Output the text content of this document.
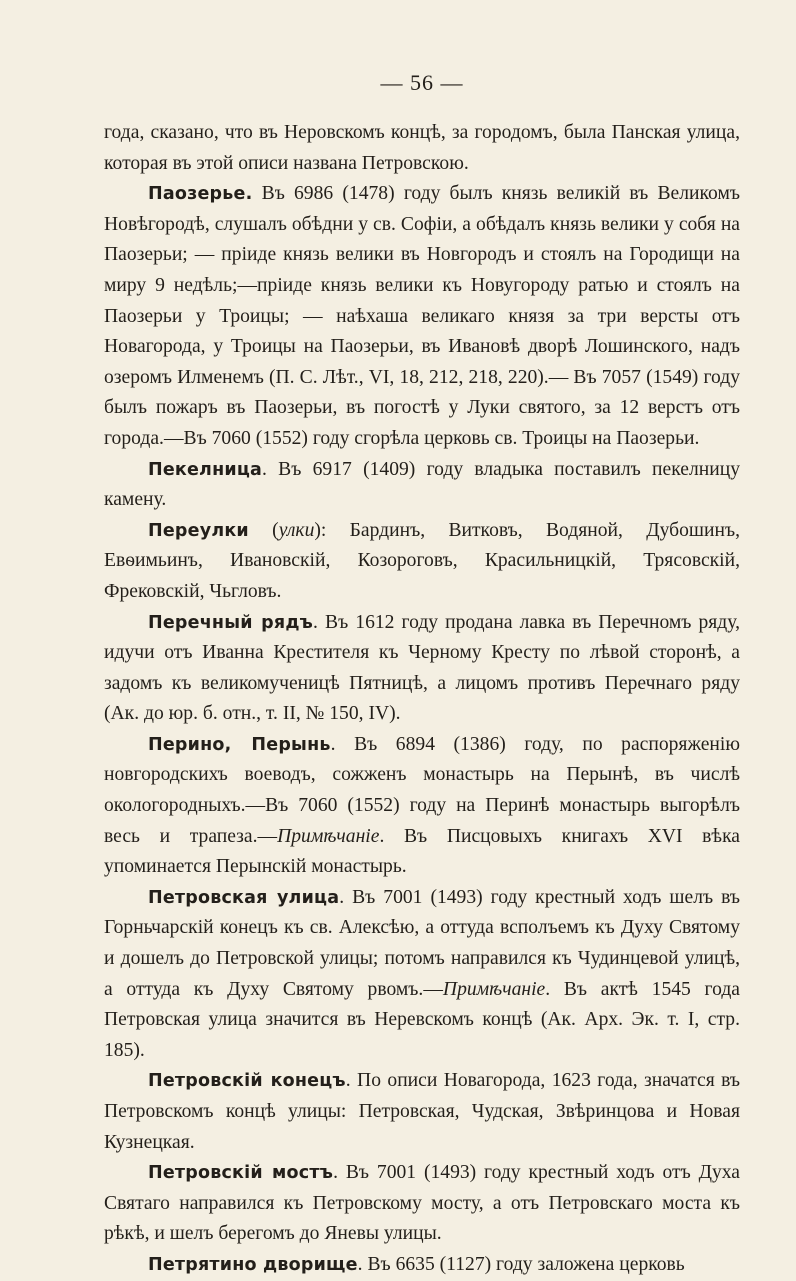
— 56 —

года, сказано, что въ Неровскомъ концѣ, за городомъ, была Панская улица, которая въ этой описи названа Петровскою.

Паозерье. Въ 6986 (1478) году былъ князь великій въ Великомъ Новѣгородѣ, слушалъ обѣдни у св. Софіи, а обѣдалъ князь велики у собя на Паозерьи; — пріиде князь велики въ Новгородъ и стоялъ на Городищи на миру 9 недѣль;—пріиде князь велики къ Новугороду ратью и стоялъ на Паозерьи у Троицы; — наѣхаша великаго князя за три версты отъ Новагорода, у Троицы на Паозерьи, въ Ивановѣ дворѣ Лошинского, надъ озеромъ Илменемъ (П. С. Лѣт., VI, 18, 212, 218, 220).— Въ 7057 (1549) году былъ пожаръ въ Паозерьи, въ погостѣ у Луки святого, за 12 верстъ отъ города.—Въ 7060 (1552) году сгорѣла церковь св. Троицы на Паозерьи.

Пекелница. Въ 6917 (1409) году владыка поставилъ пекелницу камену.

Переулки (улки): Бардинъ, Витковъ, Водяной, Дубошинъ, Евѳимьинъ, Ивановскій, Козороговъ, Красильницкій, Трясовскій, Фрековскій, Чьгловъ.

Перечный рядъ. Въ 1612 году продана лавка въ Перечномъ ряду, идучи отъ Иванна Крестителя къ Черному Кресту по лѣвой сторонѣ, а задомъ къ великомученицѣ Пятницѣ, а лицомъ противъ Перечнаго ряду (Ак. до юр. б. отн., т. II, № 150, IV).

Перино, Перынь. Въ 6894 (1386) году, по распоряженію новгородскихъ воеводъ, сожженъ монастырь на Перынѣ, въ числѣ окологородныхъ.—Въ 7060 (1552) году на Перинѣ монастырь выгорѣлъ весь и трапеза.—Примѣчаніе. Въ Писцовыхъ книгахъ XVI вѣка упоминается Перынскій монастырь.

Петровская улица. Въ 7001 (1493) году крестный ходъ шелъ въ Горньчарскій конецъ къ св. Алексѣю, а оттуда всполъемъ къ Духу Святому и дошелъ до Петровской улицы; потомъ направился къ Чудинцевой улицѣ, а оттуда къ Духу Святому рвомъ.—Примѣчаніе. Въ актѣ 1545 года Петровская улица значится въ Неревскомъ концѣ (Ак. Арх. Эк. т. I, стр. 185).

Петровскій конецъ. По описи Новагорода, 1623 года, значатся въ Петровскомъ концѣ улицы: Петровская, Чудская, Звѣринцова и Новая Кузнецкая.

Петровскій мостъ. Въ 7001 (1493) году крестный ходъ отъ Духа Святаго направился къ Петровскому мосту, а отъ Петровскаго моста къ рѣкѣ, и шелъ берегомъ до Яневы улицы.

Петрятино дворище. Въ 6635 (1127) году заложена церковь
